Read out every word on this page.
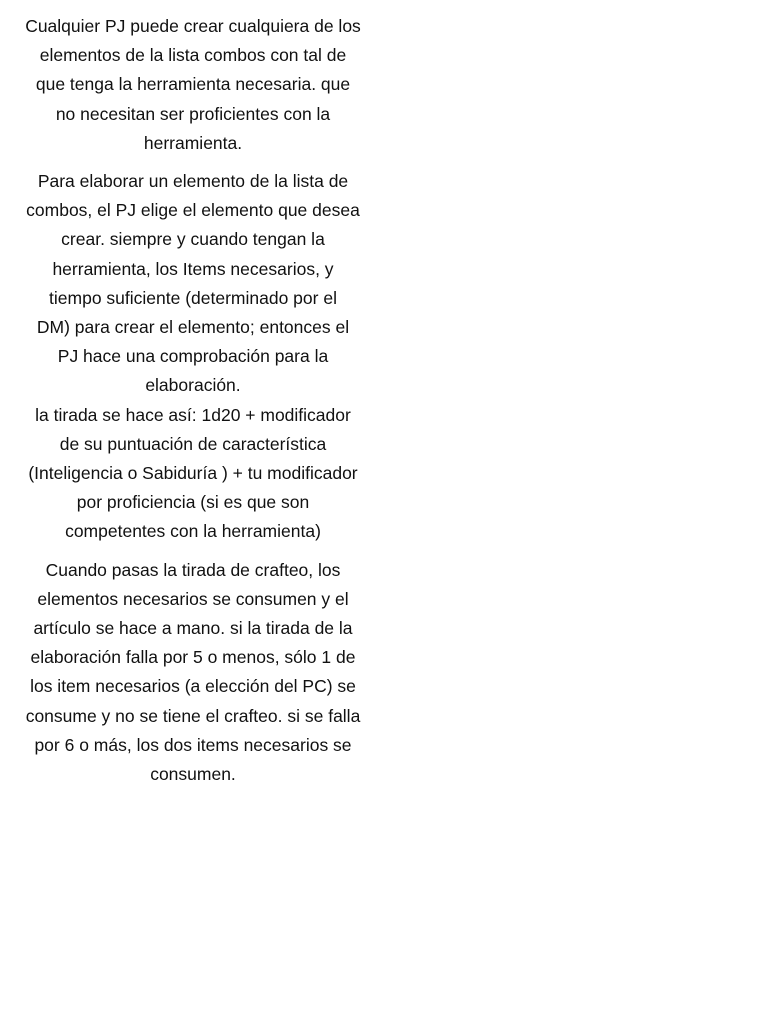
Cualquier PJ puede crear cualquiera de los
elementos de la lista combos con tal de
que tenga la herramienta necesaria. que
no necesitan ser proficientes con la
herramienta.

Para elaborar un elemento de la lista de
combos, el PJ elige el elemento que desea
crear. siempre y cuando tengan la
herramienta, los Items necesarios, y
tiempo suficiente (determinado por el
DM) para crear el elemento; entonces el
PJ hace una comprobación para la
elaboración.
la tirada se hace así: 1d20 + modificador
de su puntuación de característica
(Inteligencia o Sabiduría ) + tu modificador
por proficiencia (si es que son
competentes con la herramienta)

Cuando pasas la tirada de crafteo, los
elementos necesarios se consumen y el
artículo se hace a mano. si la tirada de la
elaboración falla por 5 o menos, sólo 1 de
los item necesarios (a elección del PC) se
consume y no se tiene el crafteo. si se falla
por 6 o más, los dos items necesarios se
consumen.
